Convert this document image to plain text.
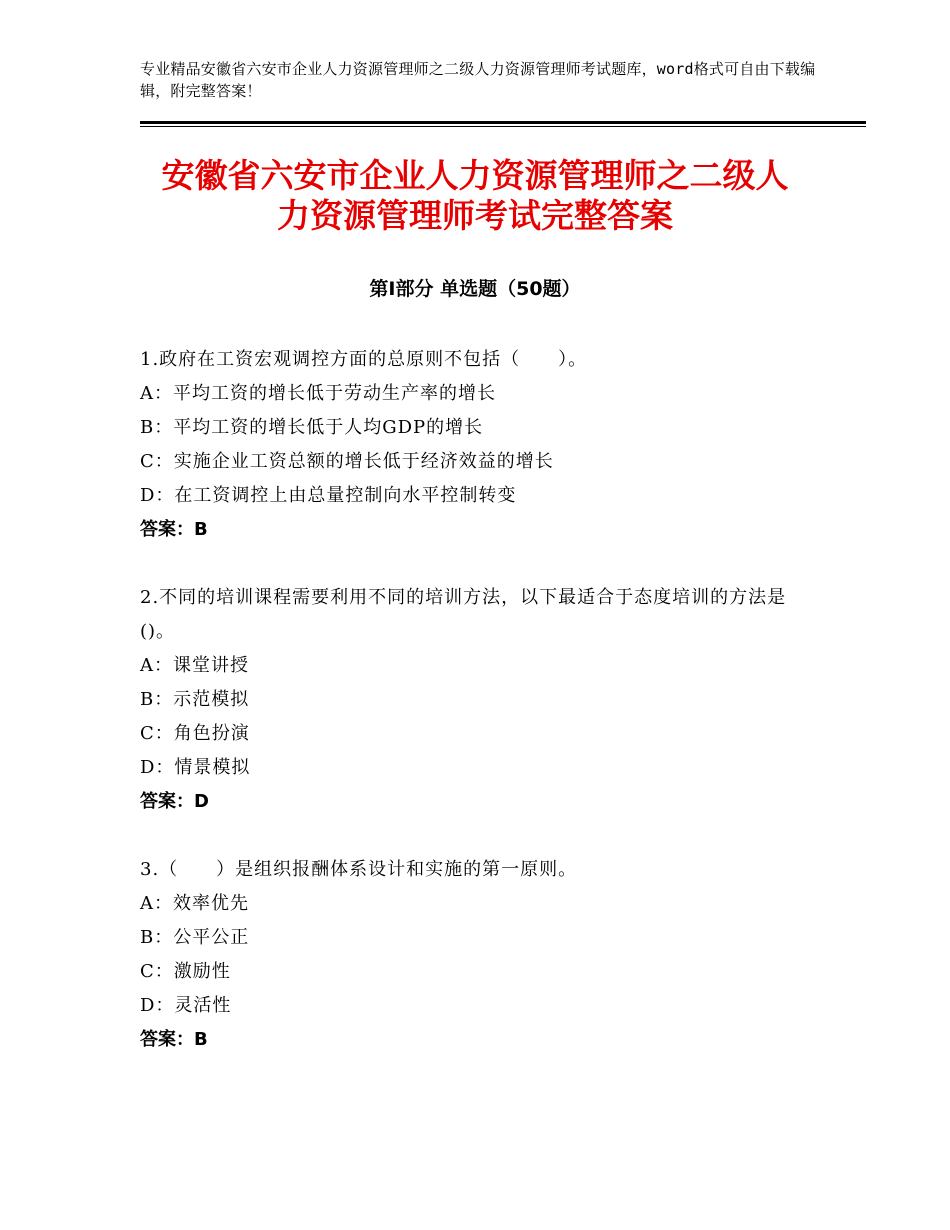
专业精品安徽省六安市企业人力资源管理师之二级人力资源管理师考试题库，word格式可自由下载编辑，附完整答案！
安徽省六安市企业人力资源管理师之二级人
力资源管理师考试完整答案
第Ⅰ部分 单选题（50题）
1.政府在工资宏观调控方面的总原则不包括（　　）。
A：平均工资的增长低于劳动生产率的增长
B：平均工资的增长低于人均GDP的增长
C：实施企业工资总额的增长低于经济效益的增长
D：在工资调控上由总量控制向水平控制转变
答案：B
2.不同的培训课程需要利用不同的培训方法，以下最适合于态度培训的方法是()。
A：课堂讲授
B：示范模拟
C：角色扮演
D：情景模拟
答案：D
3.（　　）是组织报酬体系设计和实施的第一原则。
A：效率优先
B：公平公正
C：激励性
D：灵活性
答案：B
